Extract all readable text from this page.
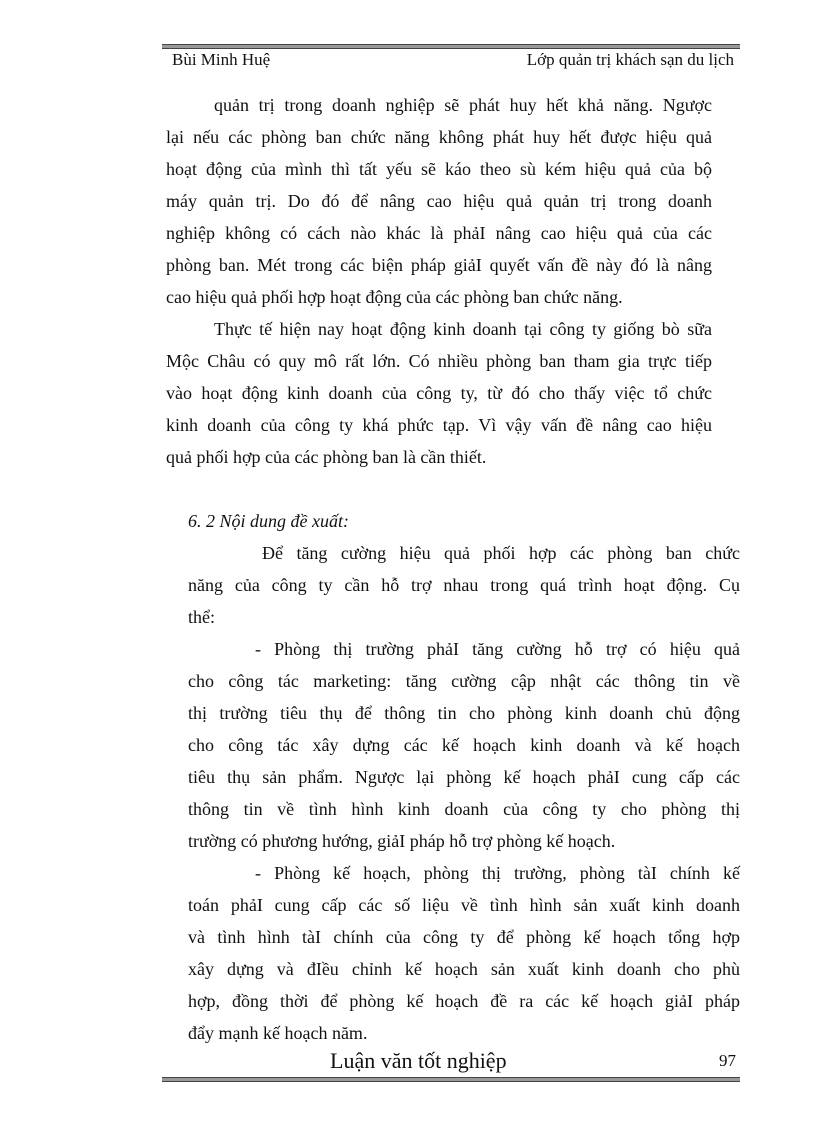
Bùi Minh Huệ	Lớp quản trị khách sạn du lịch
quản trị trong doanh nghiệp sẽ phát huy hết khả năng. Ngược
lại nếu các phòng ban chức năng không phát huy hết được hiệu quả
hoạt động của mình thì tất yếu sẽ káo theo sù kém hiệu quả của bộ
máy quản trị. Do đó để nâng cao hiệu quả quản trị trong doanh
nghiệp không có cách nào khác là phảI nâng cao hiệu quả của các
phòng ban. Mét trong các biện pháp giảI quyết vấn đề này đó là nâng
cao hiệu quả phối hợp hoạt động của các phòng ban chức năng.
Thực tế hiện nay hoạt động kinh doanh tại công ty giống bò sữa
Mộc Châu có quy mô rất lớn. Có nhiều phòng ban tham gia trực tiếp
vào hoạt động kinh doanh của công ty, từ đó cho thấy việc tổ chức
kinh doanh của công ty khá phức tạp. Vì vậy vấn đề nâng cao hiệu
quả phối hợp của các phòng ban là cần thiết.
Để tăng cường hiệu quả phối hợp các phòng ban chức
năng của công ty cần hỗ trợ nhau trong quá trình hoạt động. Cụ
thể:
- Phòng thị trường phảI tăng cường hỗ trợ có hiệu quả
cho công tác marketing: tăng cường cập nhật các thông tin về
thị trường tiêu thụ để thông tin cho phòng kinh doanh chủ động
cho công tác xây dựng các kế hoạch kinh doanh và kế hoạch
tiêu thụ sản phẩm. Ngược lại phòng kế hoạch phảI cung cấp các
thông tin về tình hình kinh doanh của công ty cho phòng thị
trường có phương hướng, giảI pháp hỗ trợ phòng kế hoạch.
- Phòng kế hoạch, phòng thị trường, phòng tàI chính kế
toán phảI cung cấp các số liệu về tình hình sản xuất kinh doanh
và tình hình tàI chính của công ty để phòng kế hoạch tổng hợp
xây dựng và đIều chỉnh kế hoạch sản xuất kinh doanh cho phù
hợp, đồng thời để phòng kế hoạch đề ra các kế hoạch giảI pháp
đẩy mạnh kế hoạch năm.
6. 2 Nội dung đề xuất:
Luận văn tốt nghiệp	97
